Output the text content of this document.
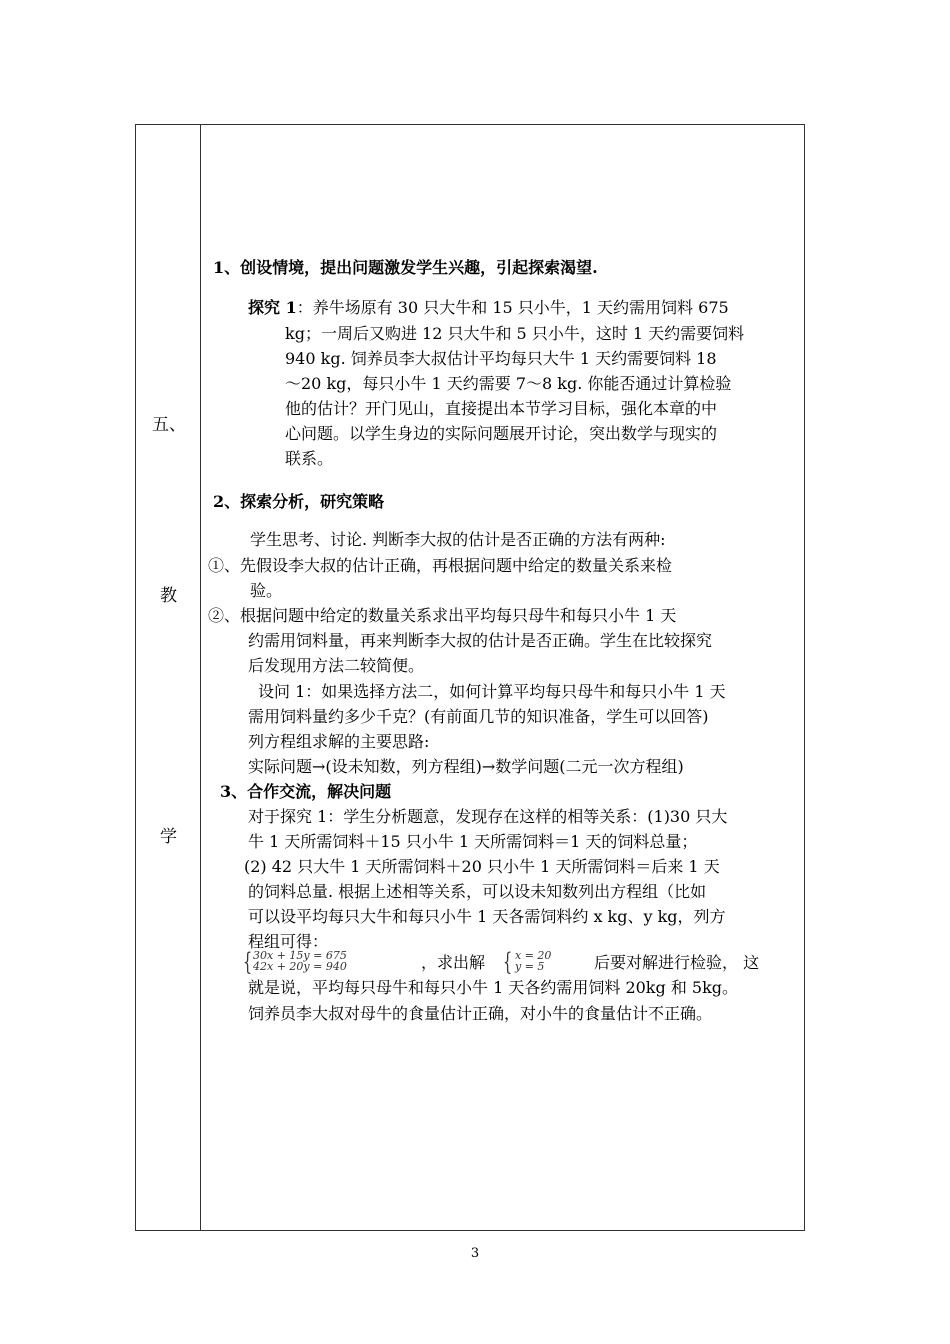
五、
教
学
1、创设情境，提出问题激发学生兴趣，引起探索渴望.
探究 1：养牛场原有 30 只大牛和 15 只小牛，1 天约需用饲料 675
kg；一周后又购进 12 只大牛和 5 只小牛，这时 1 天约需要饲料
940 kg. 饲养员李大叔估计平均每只大牛 1 天约需要饲料 18
～20 kg，每只小牛 1 天约需要 7～8 kg. 你能否通过计算检验
他的估计？开门见山，直接提出本节学习目标，强化本章的中
心问题。以学生身边的实际问题展开讨论，突出数学与现实的
联系。
2、探索分析，研究策略
学生思考、讨论. 判断李大叔的估计是否正确的方法有两种:
①、先假设李大叔的估计正确，再根据问题中给定的数量关系来检
验。
②、根据问题中给定的数量关系求出平均每只母牛和每只小牛 1 天
约需用饲料量，再来判断李大叔的估计是否正确。学生在比较探究
后发现用方法二较简便。
设问 1：如果选择方法二，如何计算平均每只母牛和每只小牛 1 天
需用饲料量约多少千克？(有前面几节的知识准备，学生可以回答)
列方程组求解的主要思路:
实际问题→(设未知数，列方程组)→数学问题(二元一次方程组)
3、合作交流，解决问题
对于探究 1：学生分析题意，发现存在这样的相等关系：(1)30 只大
牛 1 天所需饲料＋15 只小牛 1 天所需饲料＝1 天的饲料总量；
(2) 42 只大牛 1 天所需饲料＋20 只小牛 1 天所需饲料＝后来 1 天
的饲料总量. 根据上述相等关系，可以设未知数列出方程组（比如
可以设平均每只大牛和每只小牛 1 天各需饲料约 x kg、y kg，列方
程组可得：
{ 30x + 15y = 675
42x + 20y = 940	，求出解 { x = 20
y = 5	后要对解进行检验， 这
就是说，平均每只母牛和每只小牛 1 天各约需用饲料 20kg 和 5kg。
饲养员李大叔对母牛的食量估计正确，对小牛的食量估计不正确。
3
